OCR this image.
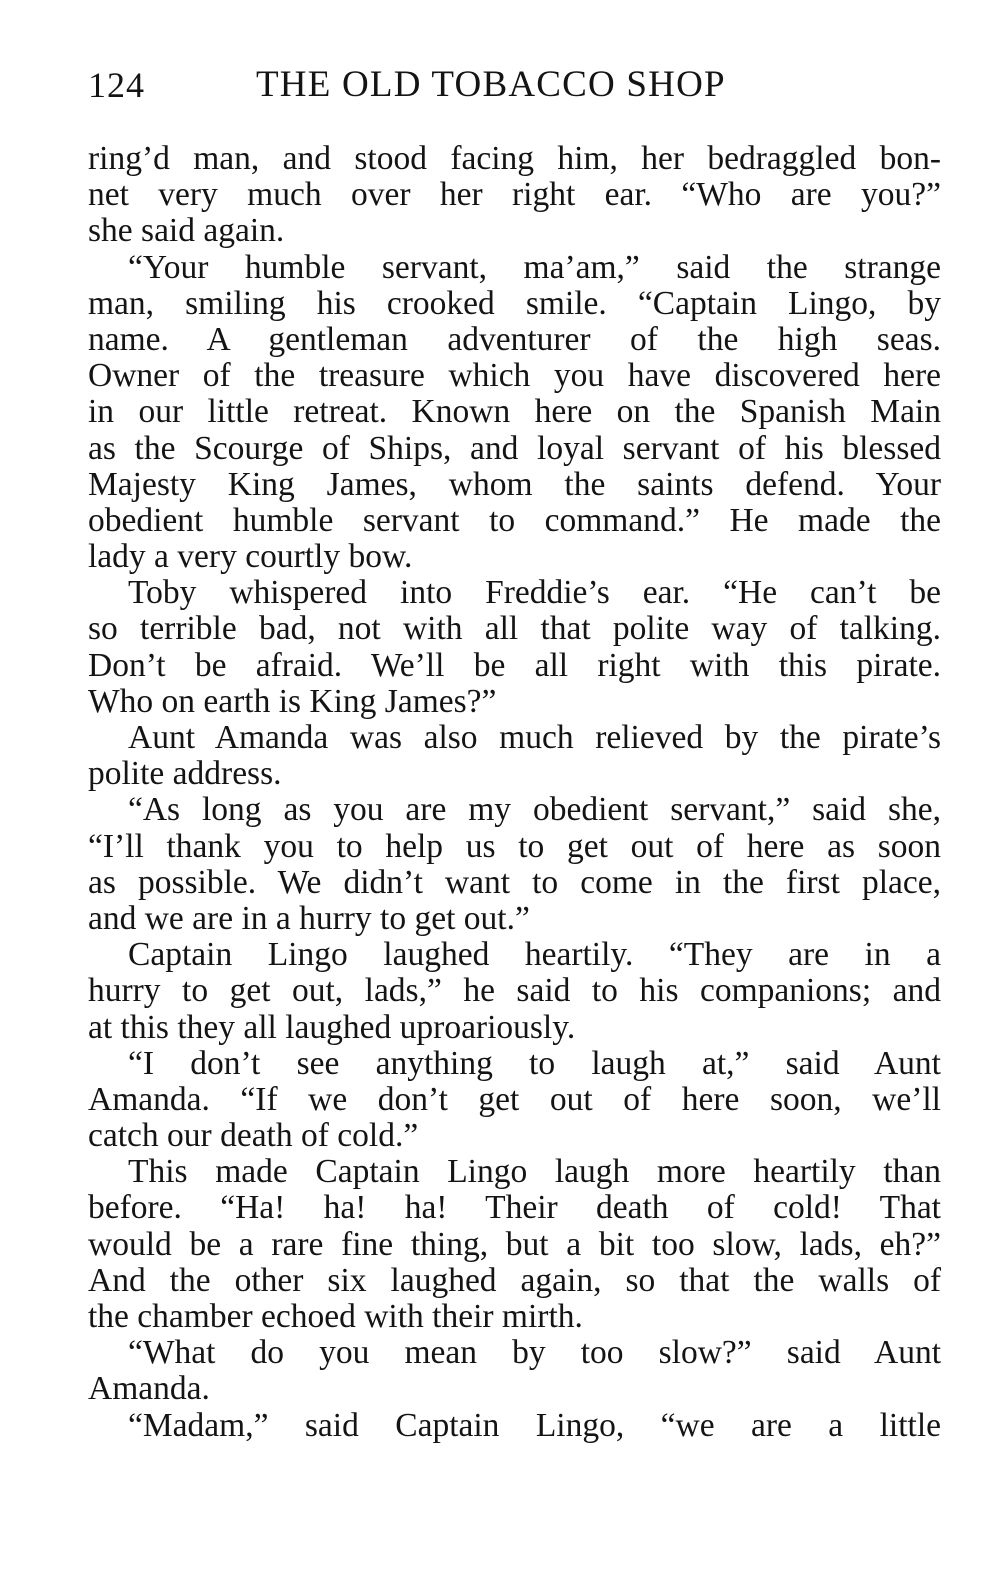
124	THE OLD TOBACCO SHOP
ring’d man, and stood facing him, her bedraggled bon-
net very much over her right ear. “Who are you?”
she said again.
“Your humble servant, ma’am,” said the strange
man, smiling his crooked smile. “Captain Lingo, by
name. A gentleman adventurer of the high seas.
Owner of the treasure which you have discovered here
in our little retreat. Known here on the Spanish Main
as the Scourge of Ships, and loyal servant of his blessed
Majesty King James, whom the saints defend. Your
obedient humble servant to command.” He made the
lady a very courtly bow.
Toby whispered into Freddie’s ear. “He can’t be
so terrible bad, not with all that polite way of talking.
Don’t be afraid. We’ll be all right with this pirate.
Who on earth is King James?”
Aunt Amanda was also much relieved by the pirate’s
polite address.
“As long as you are my obedient servant,” said she,
“I’ll thank you to help us to get out of here as soon
as possible. We didn’t want to come in the first place,
and we are in a hurry to get out.”
Captain Lingo laughed heartily. “They are in a
hurry to get out, lads,” he said to his companions; and
at this they all laughed uproariously.
“I don’t see anything to laugh at,” said Aunt
Amanda. “If we don’t get out of here soon, we’ll
catch our death of cold.”
This made Captain Lingo laugh more heartily than
before. “Ha! ha! ha! Their death of cold! That
would be a rare fine thing, but a bit too slow, lads, eh?”
And the other six laughed again, so that the walls of
the chamber echoed with their mirth.
“What do you mean by too slow?” said Aunt
Amanda.
“Madam,” said Captain Lingo, “we are a little
